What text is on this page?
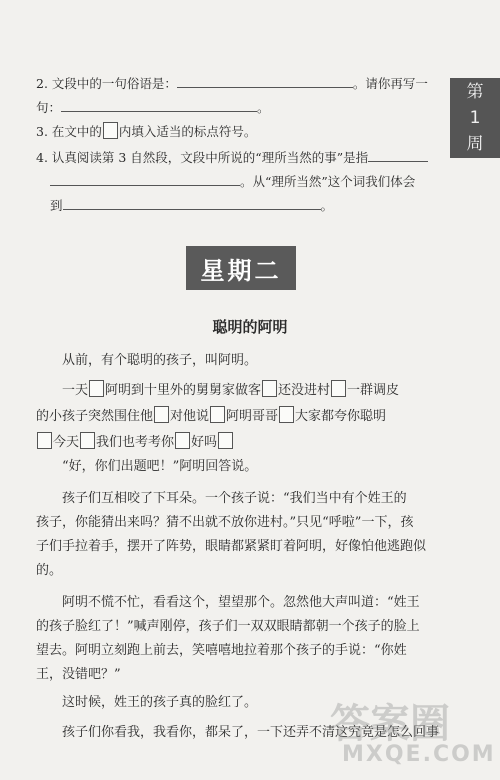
第
1
周
2. 文段中的一句俗语是：	。请你再写一
句：	。
3. 在文中的 内填入适当的标点符号。
4. 认真阅读第 3 自然段，文段中所说的“理所当然的事”是指
。从“理所当然”这个词我们体会
到	。
星期二
聪明的阿明
从前，有个聪明的孩子，叫阿明。
一天 阿明到十里外的舅舅家做客 还没进村 一群调皮
的小孩子突然围住他 对他说 阿明哥哥 大家都夸你聪明
今天 我们也考考你 好吗
“好，你们出题吧！”阿明回答说。
孩子们互相咬了下耳朵。一个孩子说：“我们当中有个姓王的
孩子，你能猜出来吗？猜不出就不放你进村。”只见“呼啦”一下，孩
子们手拉着手，摆开了阵势，眼睛都紧紧盯着阿明，好像怕他逃跑似
的。
阿明不慌不忙，看看这个，望望那个。忽然他大声叫道：“姓王
的孩子脸红了！”喊声刚停，孩子们一双双眼睛都朝一个孩子的脸上
望去。阿明立刻跑上前去，笑嘻嘻地拉着那个孩子的手说：“你姓
王，没错吧？”
这时候，姓王的孩子真的脸红了。
孩子们你看我，我看你，都呆了，一下还弄不清这究竟是怎么回事
答案圈
MXQE.COM
